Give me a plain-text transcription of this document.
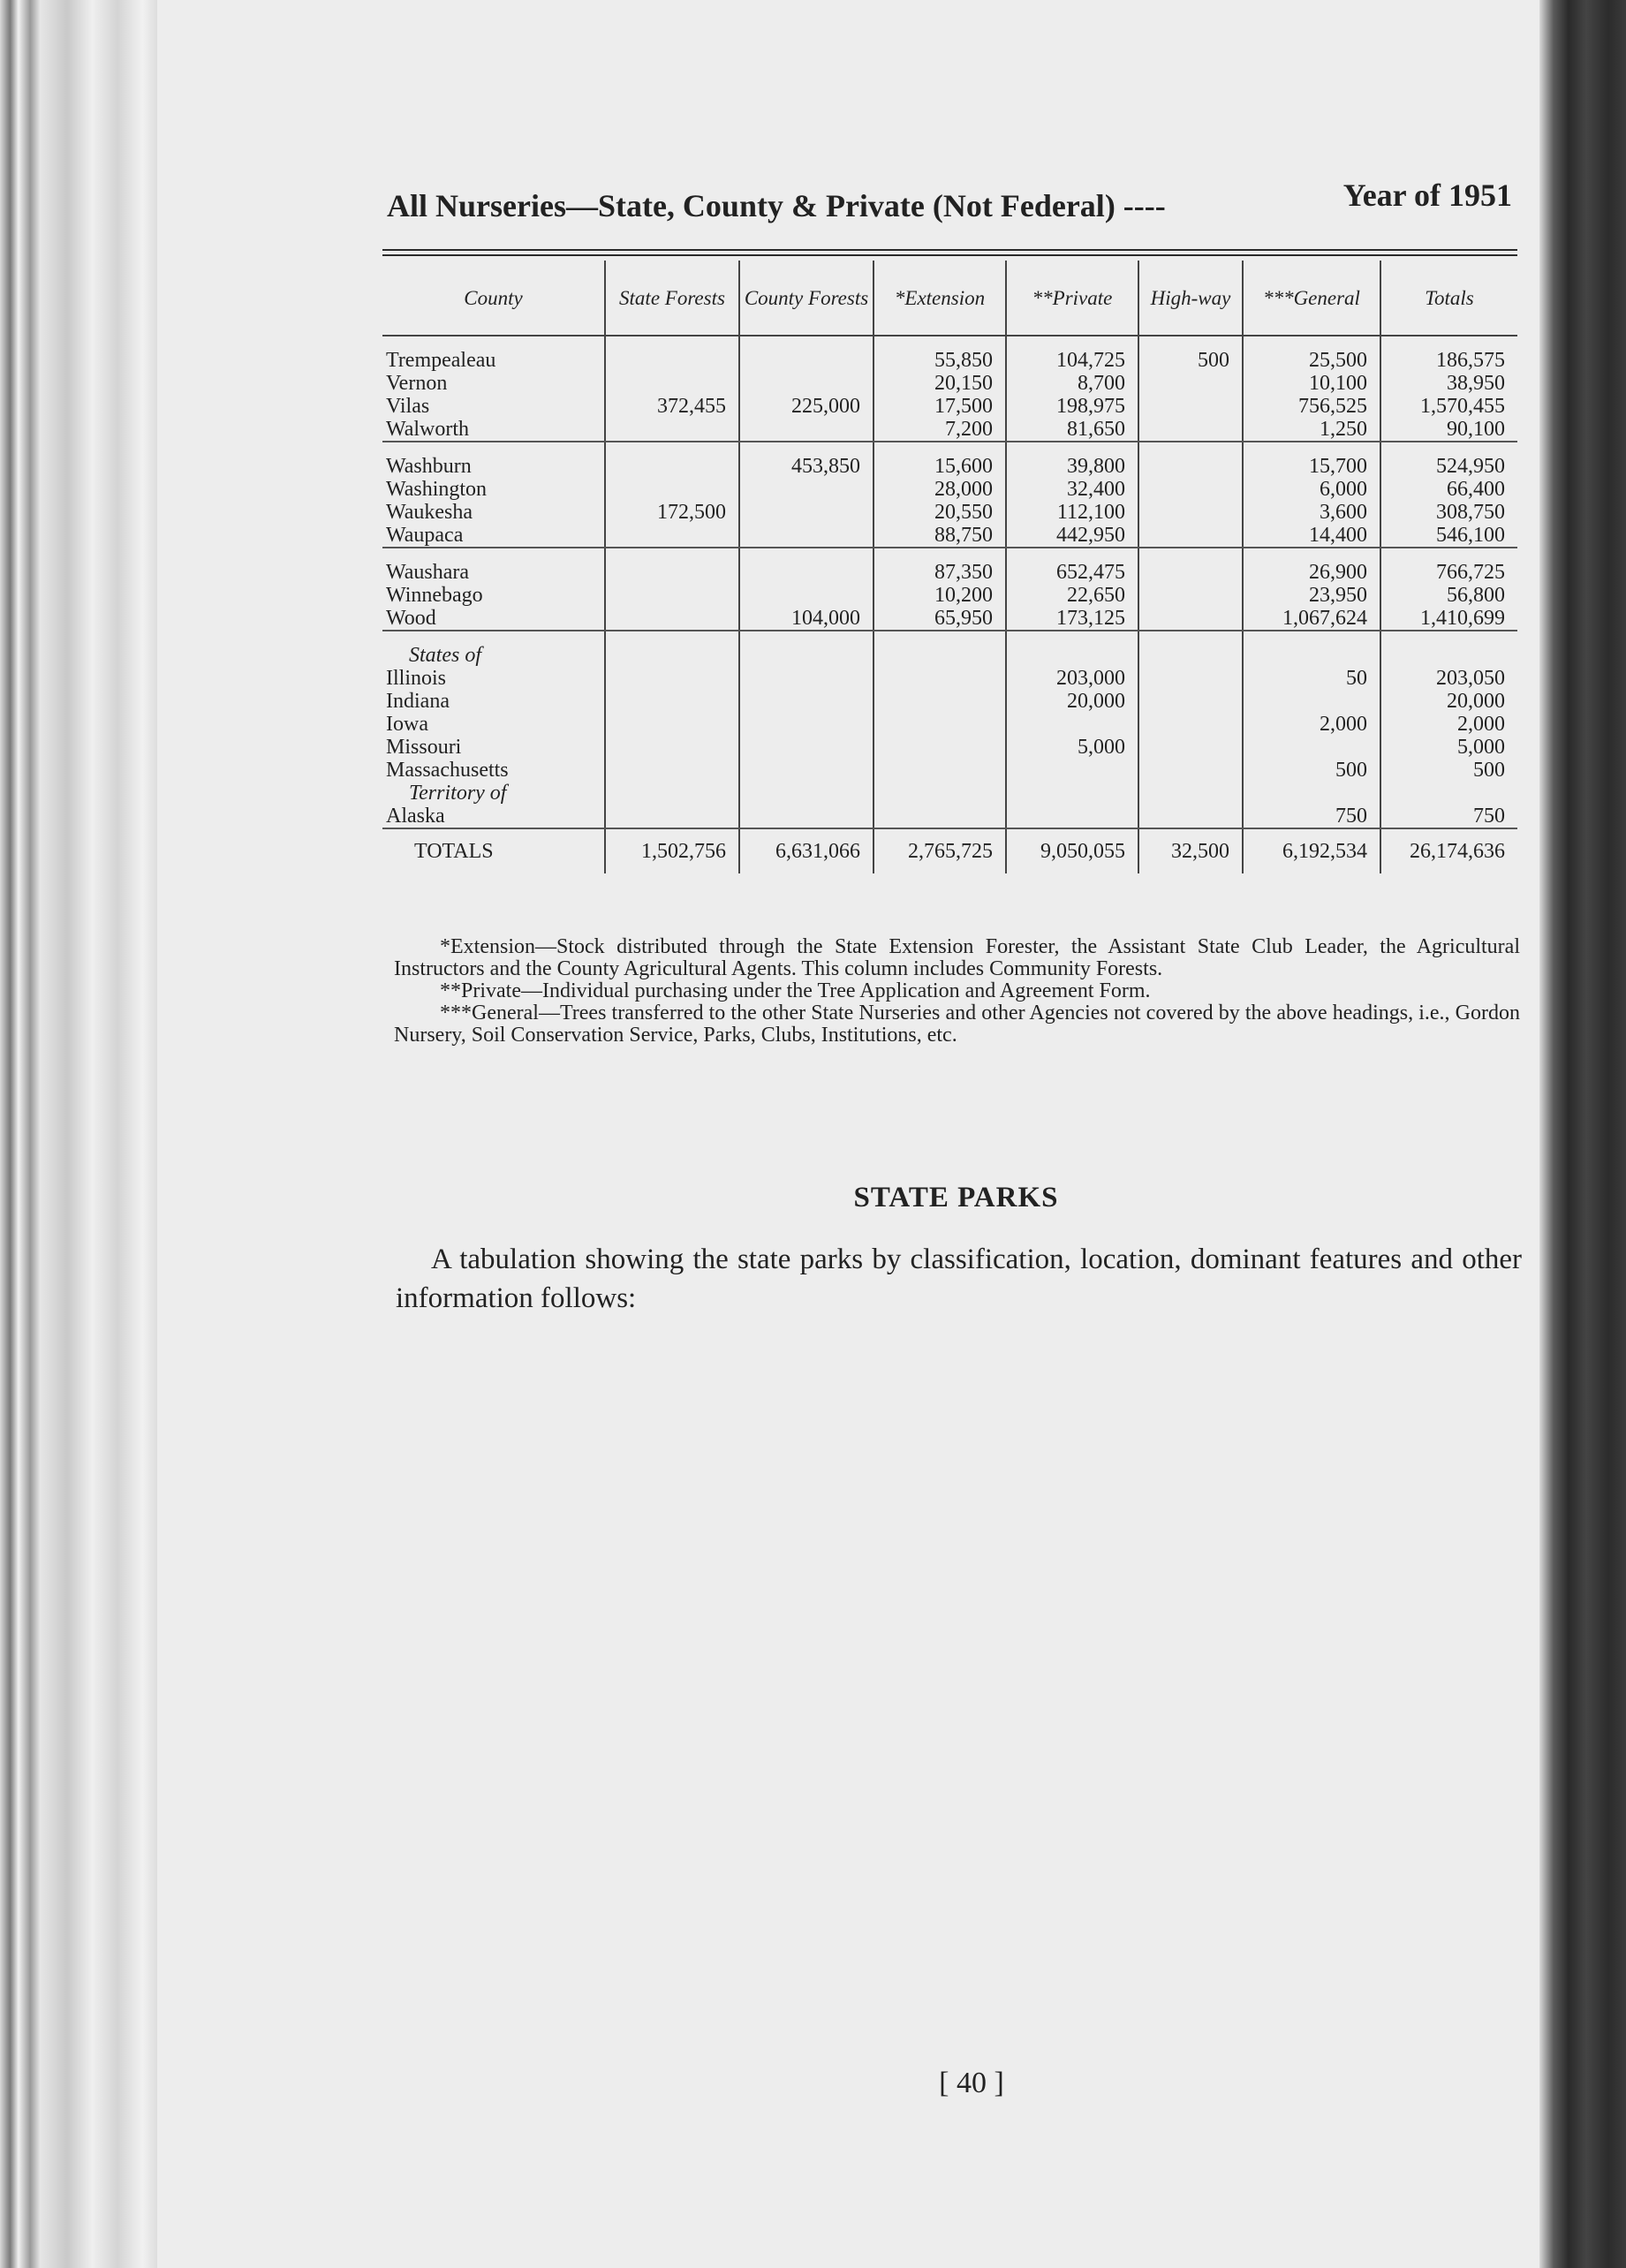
All Nurseries—State, County & Private (Not Federal) ----	Year of 1951
County	State Forests	County Forests	*Extension	**Private	High-way	***General	Totals

Trempealeau			55,850	104,725	500	25,500	186,575
Vernon			20,150	8,700		10,100	38,950
Vilas	372,455	225,000	17,500	198,975		756,525	1,570,455
Walworth			7,200	81,650		1,250	90,100

Washburn		453,850	15,600	39,800		15,700	524,950
Washington			28,000	32,400		6,000	66,400
Waukesha	172,500		20,550	112,100		3,600	308,750
Waupaca			88,750	442,950		14,400	546,100

Waushara			87,350	652,475		26,900	766,725
Winnebago			10,200	22,650		23,950	56,800
Wood		104,000	65,950	173,125		1,067,624	1,410,699

States of							
Illinois				203,000		50	203,050
Indiana				20,000			20,000
Iowa						2,000	2,000
Missouri				5,000			5,000
Massachusetts						500	500
Territory of							
Alaska						750	750
TOTALS	1,502,756	6,631,066	2,765,725	9,050,055	32,500	6,192,534	26,174,636

*Extension—Stock distributed through the State Extension Forester, the Assistant State Club Leader, the Agricultural Instructors and the County Agricultural Agents. This column includes Community Forests.

**Private—Individual purchasing under the Tree Application and Agreement Form.

***General—Trees transferred to the other State Nurseries and other Agencies not covered by the above headings, i.e., Gordon Nursery, Soil Conservation Service, Parks, Clubs, Institutions, etc.

STATE PARKS

A tabulation showing the state parks by classification, location, dominant features and other information follows:

[ 40 ]
